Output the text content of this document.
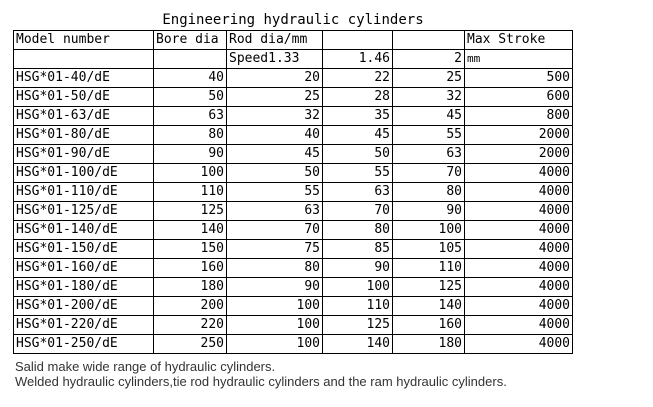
Engineering hydraulic cylinders					
Model number	Bore dia	Rod dia/mm			Max Stroke
		Speed1.33	1.46	2	mm
HSG*01-40/dE	40	20	22	25	500
HSG*01-50/dE	50	25	28	32	600
HSG*01-63/dE	63	32	35	45	800
HSG*01-80/dE	80	40	45	55	2000
HSG*01-90/dE	90	45	50	63	2000
HSG*01-100/dE	100	50	55	70	4000
HSG*01-110/dE	110	55	63	80	4000
HSG*01-125/dE	125	63	70	90	4000
HSG*01-140/dE	140	70	80	100	4000
HSG*01-150/dE	150	75	85	105	4000
HSG*01-160/dE	160	80	90	110	4000
HSG*01-180/dE	180	90	100	125	4000
HSG*01-200/dE	200	100	110	140	4000
HSG*01-220/dE	220	100	125	160	4000
HSG*01-250/dE	250	100	140	180	4000
Salid make wide range of hydraulic cylinders.
Welded hydraulic cylinders,tie rod hydraulic cylinders and the ram hydraulic cylinders.
